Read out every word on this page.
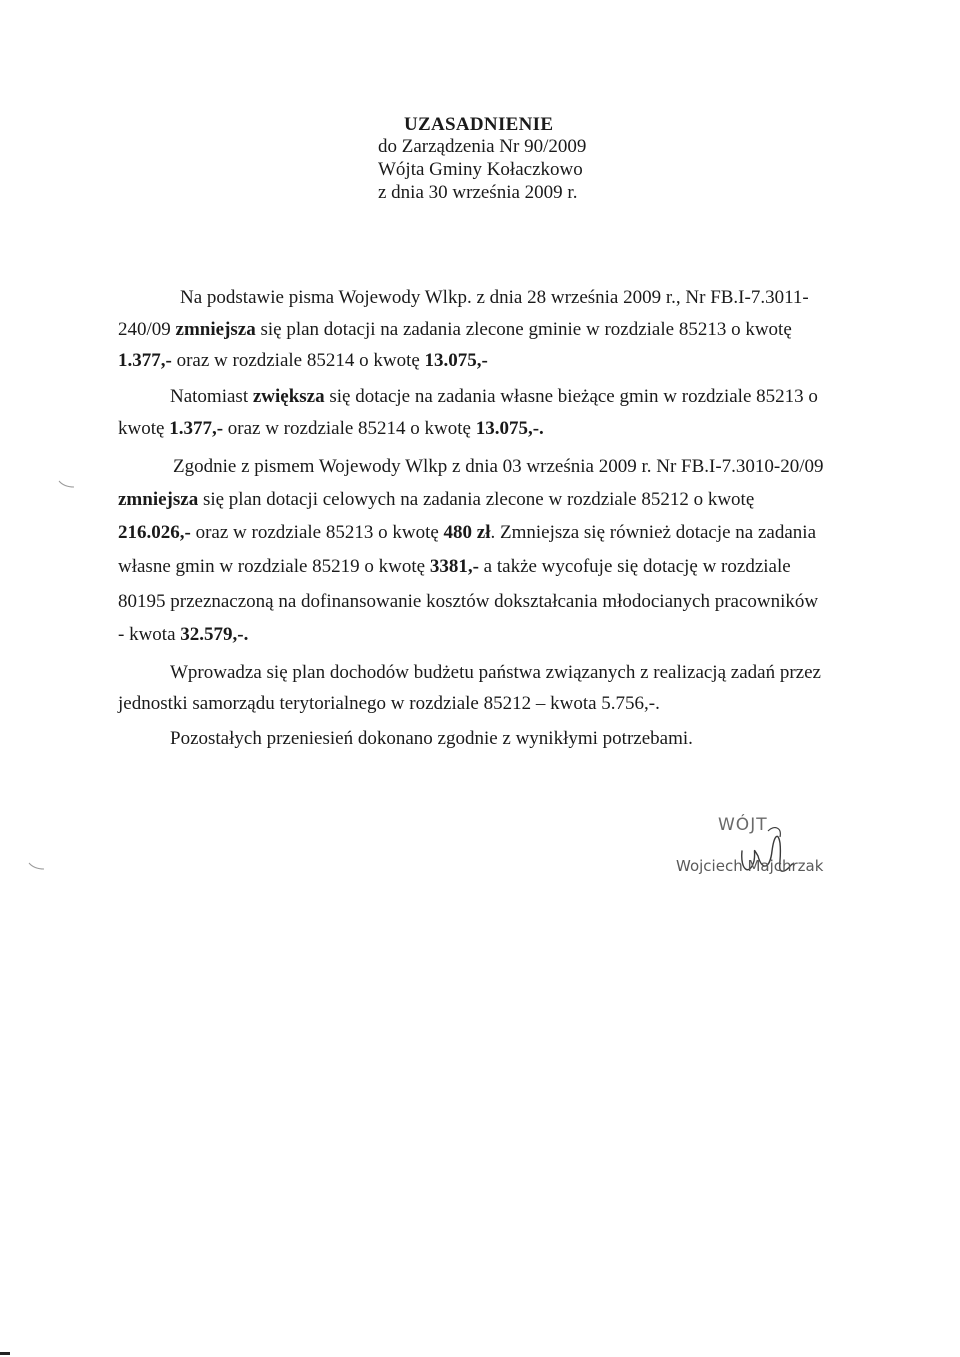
UZASADNIENIE
do Zarządzenia Nr 90/2009
Wójta Gminy Kołaczkowo
z dnia 30 września 2009 r.
Na podstawie pisma Wojewody Wlkp. z dnia 28 września 2009 r., Nr FB.I-7.3011-
240/09 zmniejsza się plan dotacji na zadania zlecone gminie w rozdziale 85213 o kwotę
1.377,- oraz w rozdziale 85214 o kwotę 13.075,-
Natomiast zwiększa się dotacje na zadania własne bieżące gmin w rozdziale 85213 o
kwotę 1.377,- oraz w rozdziale 85214 o kwotę 13.075,-.
Zgodnie z pismem Wojewody Wlkp z dnia 03 września 2009 r. Nr FB.I-7.3010-20/09
zmniejsza się plan dotacji celowych na zadania zlecone w rozdziale 85212 o kwotę
216.026,- oraz w rozdziale 85213 o kwotę 480 zł. Zmniejsza się również dotacje na zadania
własne gmin w rozdziale 85219 o kwotę 3381,- a także wycofuje się dotację w rozdziale
80195 przeznaczoną na dofinansowanie kosztów dokształcania młodocianych pracowników
- kwota 32.579,-.
Wprowadza się plan dochodów budżetu państwa związanych z realizacją zadań przez
jednostki samorządu terytorialnego w rozdziale 85212 – kwota 5.756,-.
Pozostałych przeniesień dokonano zgodnie z wynikłymi potrzebami.
WÓJT
Wojciech Majchrzak
